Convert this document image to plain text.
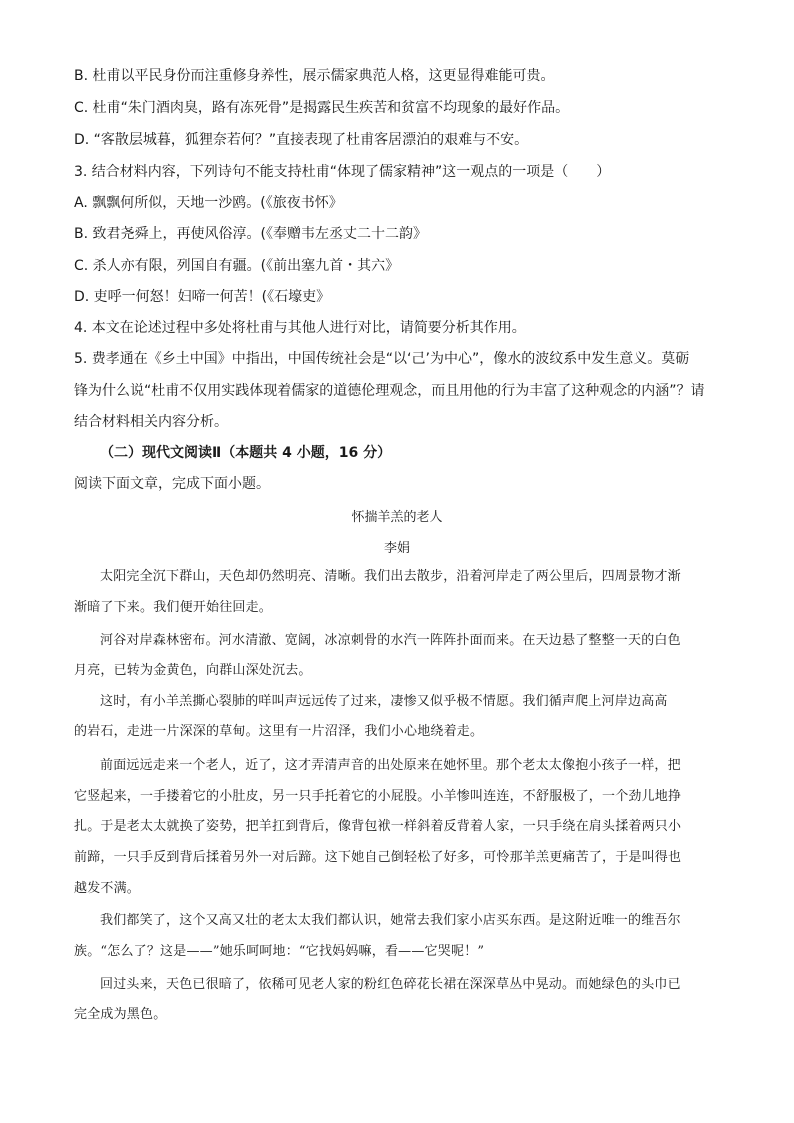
B. 杜甫以平民身份而注重修身养性，展示儒家典范人格，这更显得难能可贵。
C. 杜甫“朱门酒肉臭，路有冻死骨”是揭露民生疾苦和贫富不均现象的最好作品。
D. “客散层城暮，狐狸奈若何？”直接表现了杜甫客居漂泊的艰难与不安。
3. 结合材料内容，下列诗句不能支持杜甫“体现了儒家精神”这一观点的一项是（　　）
A. 飘飘何所似，天地一沙鸥。(《旅夜书怀》
B. 致君尧舜上，再使风俗淳。(《奉赠韦左丞丈二十二韵》
C. 杀人亦有限，列国自有疆。(《前出塞九首・其六》
D. 吏呼一何怒！妇啼一何苦！(《石壕吏》
4. 本文在论述过程中多处将杜甫与其他人进行对比，请简要分析其作用。
5. 费孝通在《乡土中国》中指出，中国传统社会是“以‘己’为中心”，像水的波纹系中发生意义。莫砺
锋为什么说“杜甫不仅用实践体现着儒家的道德伦理观念，而且用他的行为丰富了这种观念的内涵”？请
结合材料相关内容分析。
（二）现代文阅读Ⅱ（本题共 4 小题，16 分）
阅读下面文章，完成下面小题。
怀揣羊羔的老人
李娟
太阳完全沉下群山，天色却仍然明亮、清晰。我们出去散步，沿着河岸走了两公里后，四周景物才渐
渐暗了下来。我们便开始往回走。
河谷对岸森林密布。河水清澈、宽阔，冰凉刺骨的水汽一阵阵扑面而来。在天边悬了整整一天的白色
月亮，已转为金黄色，向群山深处沉去。
这时，有小羊羔撕心裂肺的咩叫声远远传了过来，凄惨又似乎极不情愿。我们循声爬上河岸边高高
的岩石，走进一片深深的草甸。这里有一片沼泽，我们小心地绕着走。
前面远远走来一个老人，近了，这才弄清声音的出处原来在她怀里。那个老太太像抱小孩子一样，把
它竖起来，一手搂着它的小肚皮，另一只手托着它的小屁股。小羊惨叫连连，不舒服极了，一个劲儿地挣
扎。于是老太太就换了姿势，把羊扛到背后，像背包袱一样斜着反背着人家，一只手绕在肩头揉着两只小
前蹄，一只手反到背后揉着另外一对后蹄。这下她自己倒轻松了好多，可怜那羊羔更痛苦了，于是叫得也
越发不满。
我们都笑了，这个又高又壮的老太太我们都认识，她常去我们家小店买东西。是这附近唯一的维吾尔
族。“怎么了？这是——”她乐呵呵地：“它找妈妈嘛，看——它哭呢！”
回过头来，天色已很暗了，依稀可见老人家的粉红色碎花长裙在深深草丛中晃动。而她绿色的头巾已
完全成为黑色。
